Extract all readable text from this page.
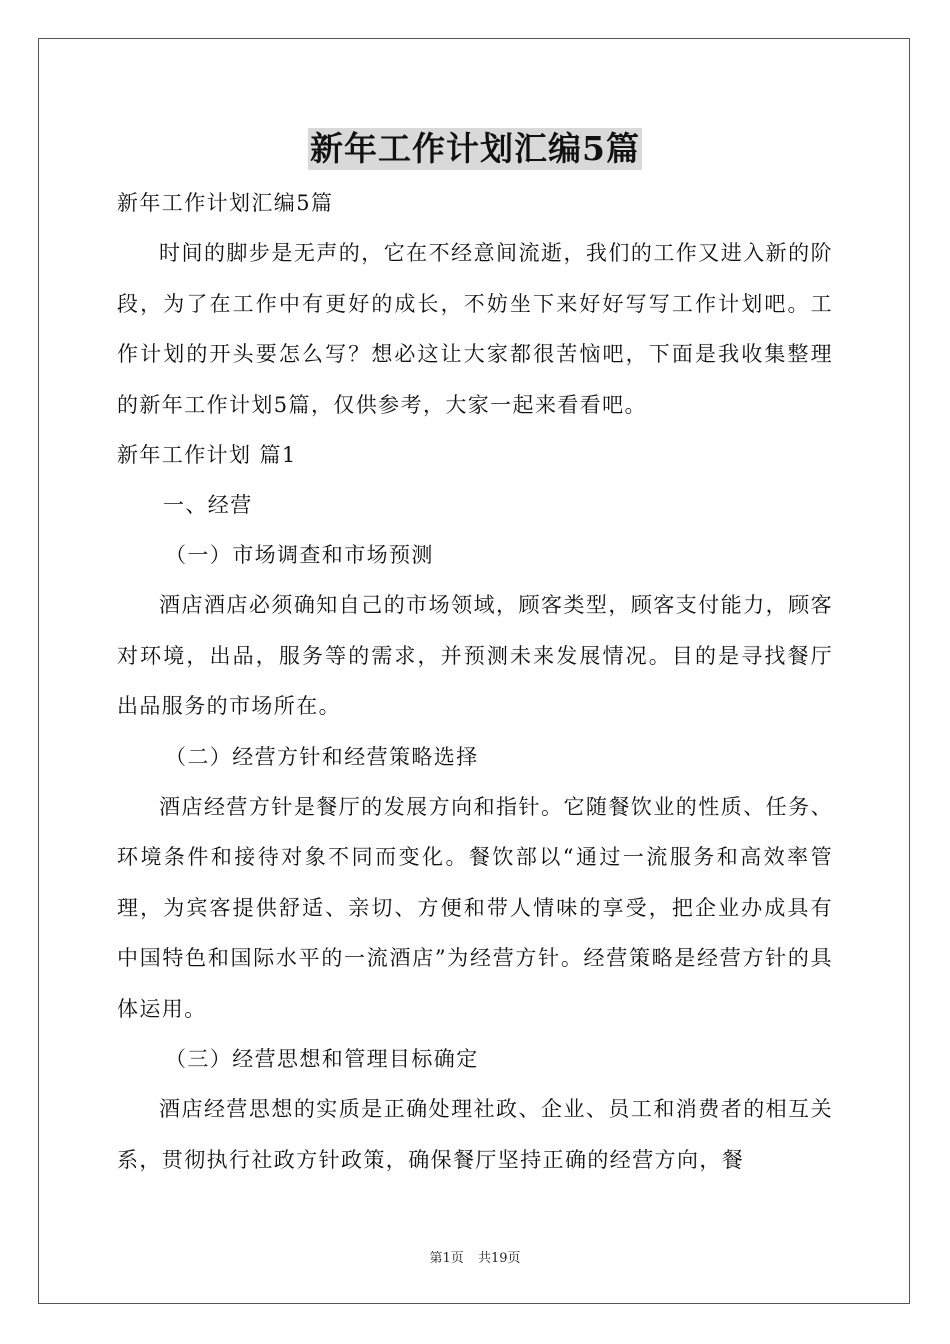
新年工作计划汇编5篇
新年工作计划汇编5篇
时间的脚步是无声的，它在不经意间流逝，我们的工作又进入新的阶段，为了在工作中有更好的成长，不妨坐下来好好写写工作计划吧。工作计划的开头要怎么写？想必这让大家都很苦恼吧，下面是我收集整理的新年工作计划5篇，仅供参考，大家一起来看看吧。
新年工作计划 篇1
一、经营
（一）市场调查和市场预测
酒店酒店必须确知自己的市场领域，顾客类型，顾客支付能力，顾客对环境，出品，服务等的需求，并预测未来发展情况。目的是寻找餐厅出品服务的市场所在。
（二）经营方针和经营策略选择
酒店经营方针是餐厅的发展方向和指针。它随餐饮业的性质、任务、环境条件和接待对象不同而变化。餐饮部以“通过一流服务和高效率管理，为宾客提供舒适、亲切、方便和带人情味的享受，把企业办成具有中国特色和国际水平的一流酒店”为经营方针。经营策略是经营方针的具体运用。
（三）经营思想和管理目标确定
酒店经营思想的实质是正确处理社政、企业、员工和消费者的相互关系，贯彻执行社政方针政策，确保餐厅坚持正确的经营方向，餐
第1页 共19页
